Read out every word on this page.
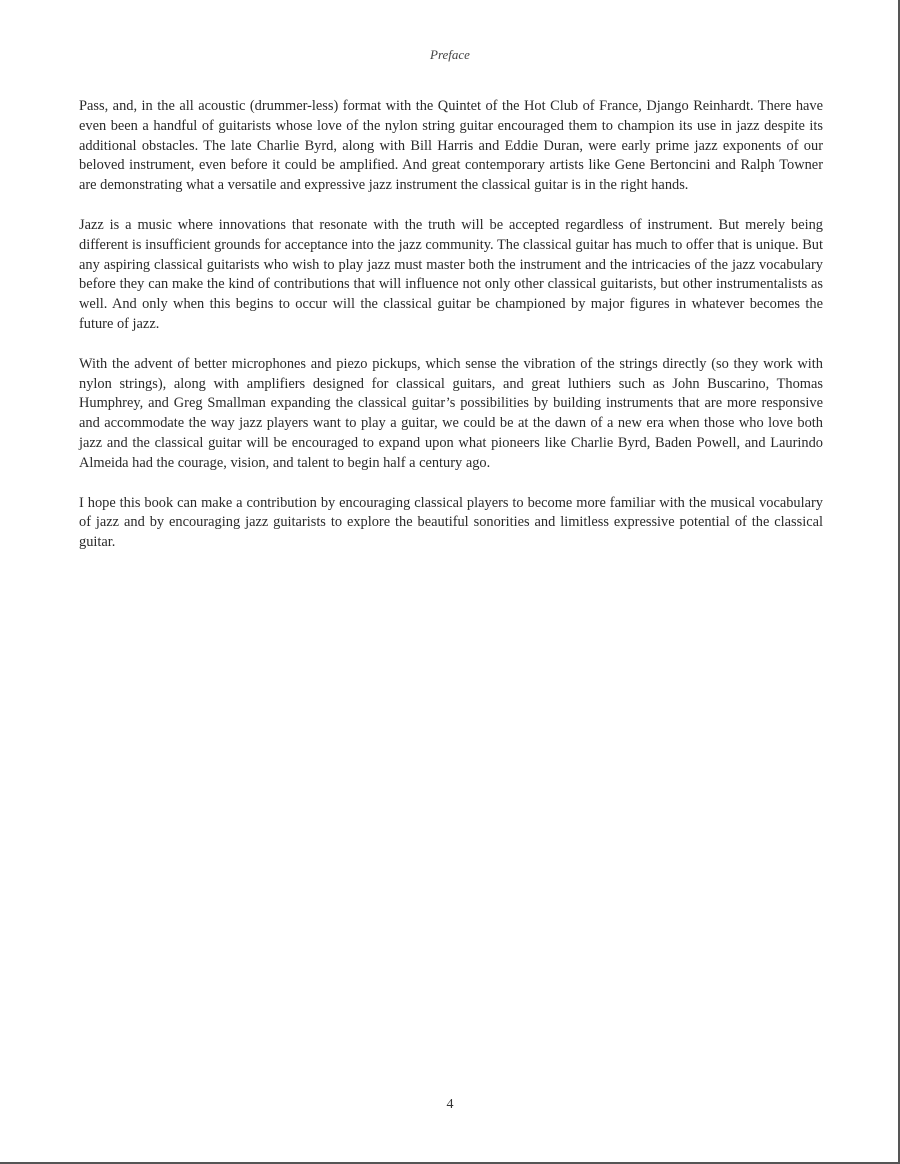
Preface

Pass, and, in the all acoustic (drummer-less) format with the Quintet of the Hot Club of France, Django Reinhardt. There have even been a handful of guitarists whose love of the nylon string guitar encouraged them to champion its use in jazz despite its additional obstacles. The late Charlie Byrd, along with Bill Harris and Eddie Duran, were early prime jazz exponents of our beloved instrument, even before it could be amplified. And great contemporary artists like Gene Bertoncini and Ralph Towner are demonstrating what a versatile and expressive jazz instrument the classical guitar is in the right hands.

Jazz is a music where innovations that resonate with the truth will be accepted regardless of instrument. But merely being different is insufficient grounds for acceptance into the jazz community. The classical guitar has much to offer that is unique. But any aspiring classical guitarists who wish to play jazz must master both the instrument and the intricacies of the jazz vocabulary before they can make the kind of contributions that will influence not only other classical guitarists, but other instrumentalists as well. And only when this begins to occur will the classical guitar be championed by major figures in whatever becomes the future of jazz.

With the advent of better microphones and piezo pickups, which sense the vibration of the strings directly (so they work with nylon strings), along with amplifiers designed for classical guitars, and great luthiers such as John Buscarino, Thomas Humphrey, and Greg Smallman expanding the classical guitar’s possibilities by building instruments that are more responsive and accommodate the way jazz players want to play a guitar, we could be at the dawn of a new era when those who love both jazz and the classical guitar will be encouraged to expand upon what pioneers like Charlie Byrd, Baden Powell, and Laurindo Almeida had the courage, vision, and talent to begin half a century ago.

I hope this book can make a contribution by encouraging classical players to become more familiar with the musical vocabulary of jazz and by encouraging jazz guitarists to explore the beautiful sonorities and limitless expressive potential of the classical guitar.

4
